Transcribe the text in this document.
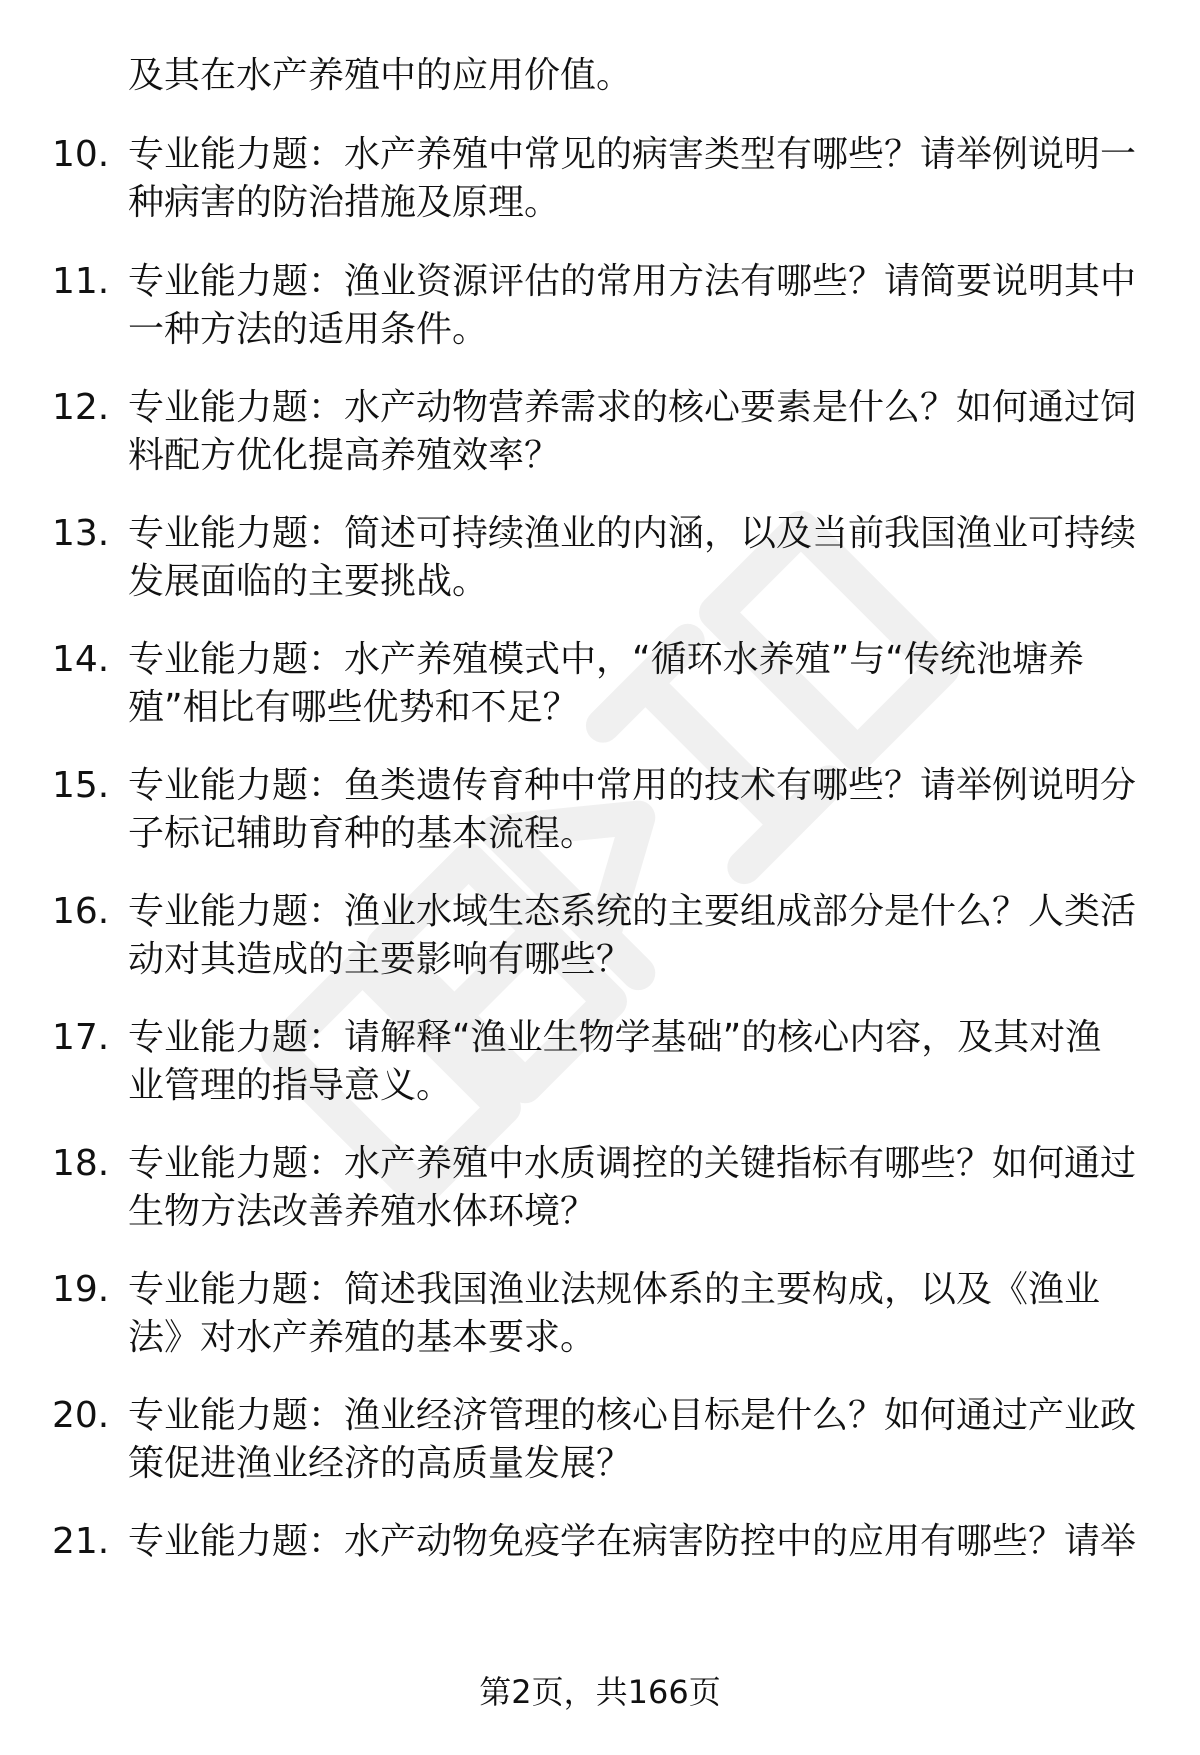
及其在水产养殖中的应用价值。
10. 专业能力题：水产养殖中常见的病害类型有哪些？请举例说明一
种病害的防治措施及原理。
11. 专业能力题：渔业资源评估的常用方法有哪些？请简要说明其中
一种方法的适用条件。
12. 专业能力题：水产动物营养需求的核心要素是什么？如何通过饲
料配方优化提高养殖效率？
13. 专业能力题：简述可持续渔业的内涵，以及当前我国渔业可持续
发展面临的主要挑战。
14. 专业能力题：水产养殖模式中，“循环水养殖”与“传统池塘养
殖”相比有哪些优势和不足？
15. 专业能力题：鱼类遗传育种中常用的技术有哪些？请举例说明分
子标记辅助育种的基本流程。
16. 专业能力题：渔业水域生态系统的主要组成部分是什么？人类活
动对其造成的主要影响有哪些？
17. 专业能力题：请解释“渔业生物学基础”的核心内容，及其对渔
业管理的指导意义。
18. 专业能力题：水产养殖中水质调控的关键指标有哪些？如何通过
生物方法改善养殖水体环境？
19. 专业能力题：简述我国渔业法规体系的主要构成，以及《渔业
法》对水产养殖的基本要求。
20. 专业能力题：渔业经济管理的核心目标是什么？如何通过产业政
策促进渔业经济的高质量发展？
21. 专业能力题：水产动物免疫学在病害防控中的应用有哪些？请举
第2页，共166页
